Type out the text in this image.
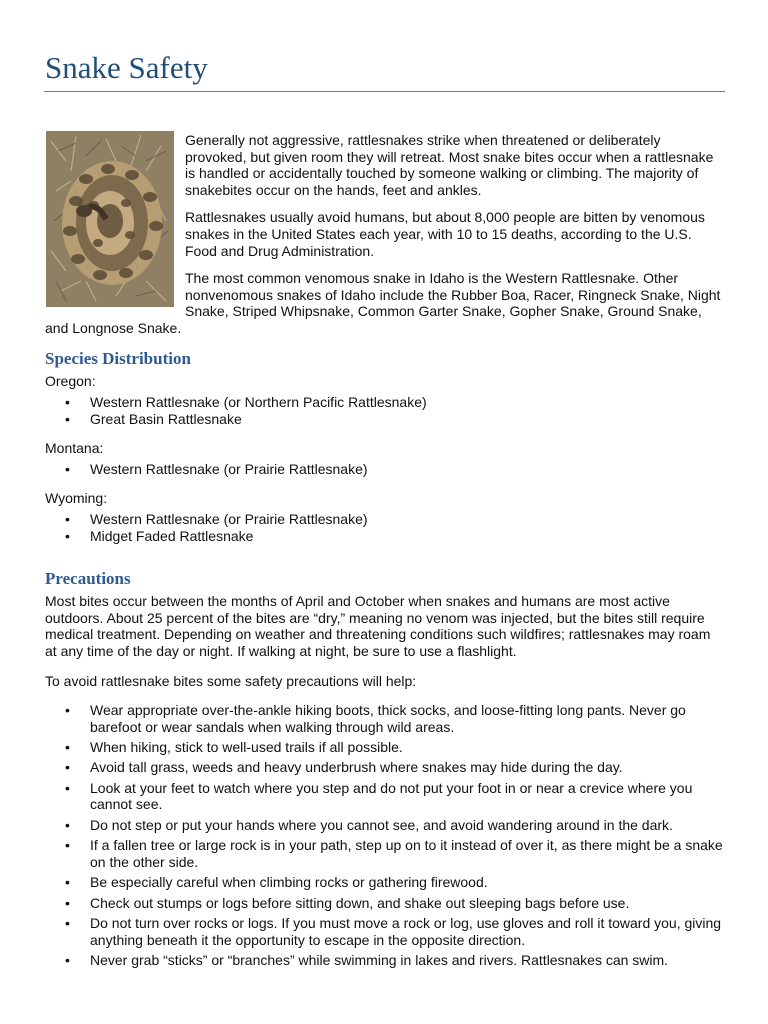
Snake Safety

Generally not aggressive, rattlesnakes strike when threatened or deliberately provoked, but given room they will retreat. Most snake bites occur when a rattlesnake is handled or accidentally touched by someone walking or climbing. The majority of snakebites occur on the hands, feet and ankles.

Rattlesnakes usually avoid humans, but about 8,000 people are bitten by venomous snakes in the United States each year, with 10 to 15 deaths, according to the U.S. Food and Drug Administration.

The most common venomous snake in Idaho is the Western Rattlesnake. Other nonvenomous snakes of Idaho include the Rubber Boa, Racer, Ringneck Snake, Night Snake, Striped Whipsnake, Common Garter Snake, Gopher Snake, Ground Snake, and Longnose Snake.

Species Distribution

Oregon:

• Western Rattlesnake (or Northern Pacific Rattlesnake)
• Great Basin Rattlesnake

Montana:

• Western Rattlesnake (or Prairie Rattlesnake)

Wyoming:

• Western Rattlesnake (or Prairie Rattlesnake)
• Midget Faded Rattlesnake
Precautions

Most bites occur between the months of April and October when snakes and humans are most active outdoors. About 25 percent of the bites are “dry,” meaning no venom was injected, but the bites still require medical treatment. Depending on weather and threatening conditions such wildfires; rattlesnakes may roam at any time of the day or night. If walking at night, be sure to use a flashlight.

To avoid rattlesnake bites some safety precautions will help:

• Wear appropriate over-the-ankle hiking boots, thick socks, and loose-fitting long pants. Never go barefoot or wear sandals when walking through wild areas.
• When hiking, stick to well-used trails if all possible.
• Avoid tall grass, weeds and heavy underbrush where snakes may hide during the day.
• Look at your feet to watch where you step and do not put your foot in or near a crevice where you cannot see.
• Do not step or put your hands where you cannot see, and avoid wandering around in the dark.
• If a fallen tree or large rock is in your path, step up on to it instead of over it, as there might be a snake on the other side.
• Be especially careful when climbing rocks or gathering firewood.
• Check out stumps or logs before sitting down, and shake out sleeping bags before use.
• Do not turn over rocks or logs. If you must move a rock or log, use gloves and roll it toward you, giving anything beneath it the opportunity to escape in the opposite direction.
• Never grab “sticks” or “branches” while swimming in lakes and rivers. Rattlesnakes can swim.
